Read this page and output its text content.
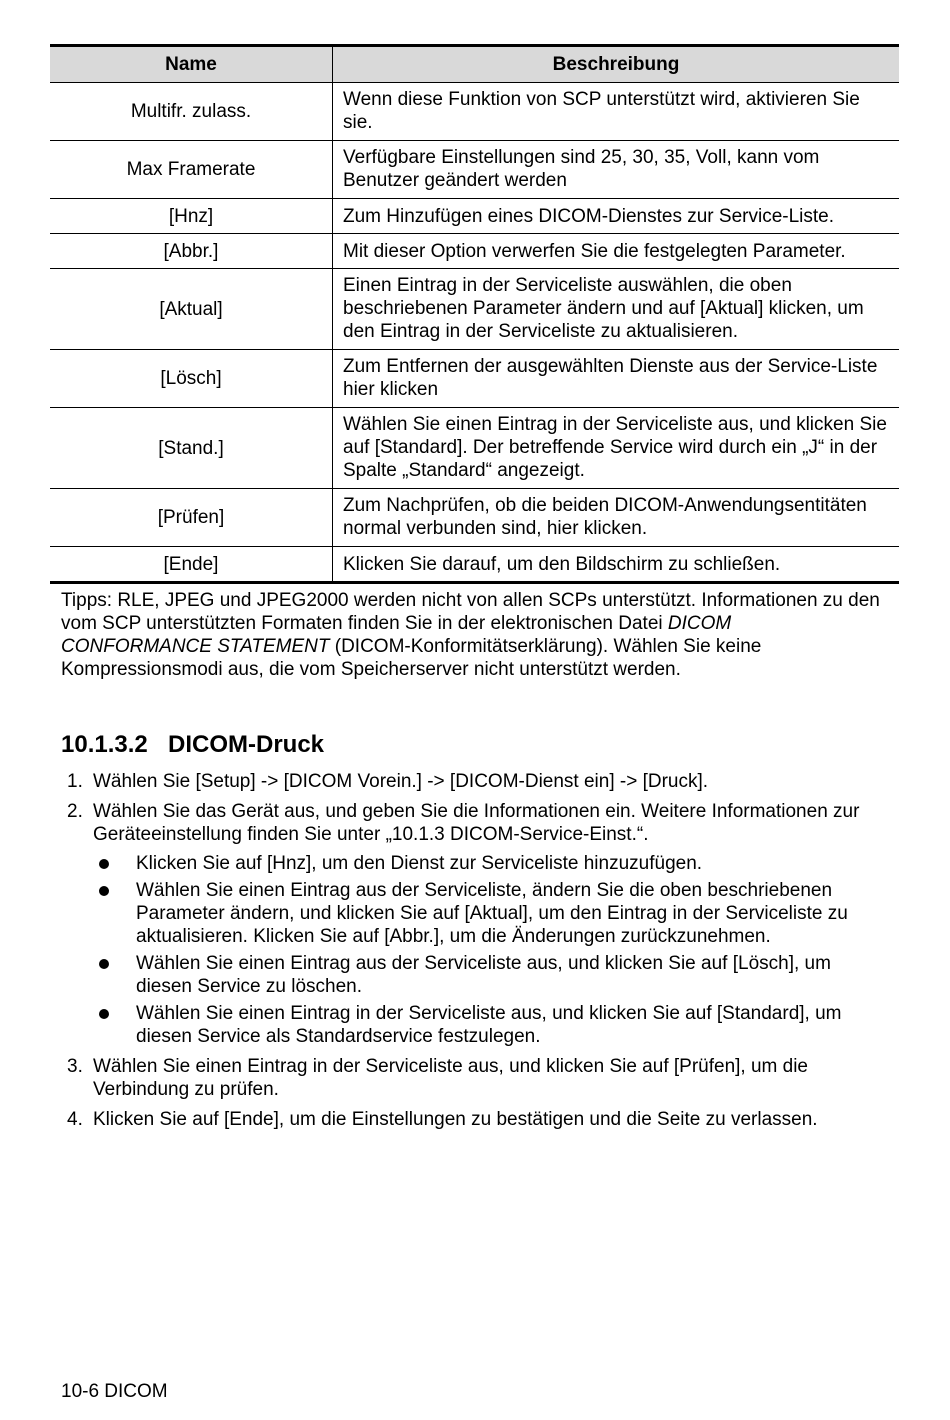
Name	Beschreibung
Multifr. zulass.	Wenn diese Funktion von SCP unterstützt wird, aktivieren Sie sie.
Max Framerate	Verfügbare Einstellungen sind 25, 30, 35, Voll, kann vom Benutzer geändert werden
[Hnz]	Zum Hinzufügen eines DICOM-Dienstes zur Service-Liste.
[Abbr.]	Mit dieser Option verwerfen Sie die festgelegten Parameter.
[Aktual]	Einen Eintrag in der Serviceliste auswählen, die oben beschriebenen Parameter ändern und auf [Aktual] klicken, um den Eintrag in der Serviceliste zu aktualisieren.
[Lösch]	Zum Entfernen der ausgewählten Dienste aus der Service-Liste hier klicken
[Stand.]	Wählen Sie einen Eintrag in der Serviceliste aus, und klicken Sie auf [Standard]. Der betreffende Service wird durch ein „J“ in der Spalte „Standard“ angezeigt.
[Prüfen]	Zum Nachprüfen, ob die beiden DICOM-Anwendungsentitäten normal verbunden sind, hier klicken.
[Ende]	Klicken Sie darauf, um den Bildschirm zu schließen.

Tipps: RLE, JPEG und JPEG2000 werden nicht von allen SCPs unterstützt. Informationen zu den vom SCP unterstützten Formaten finden Sie in der elektronischen Datei DICOM CONFORMANCE STATEMENT (DICOM-Konformitätserklärung). Wählen Sie keine Kompressionsmodi aus, die vom Speicherserver nicht unterstützt werden.

10.1.3.2 DICOM-Druck
1. Wählen Sie [Setup] -> [DICOM Vorein.] -> [DICOM-Dienst ein] -> [Druck].
2. Wählen Sie das Gerät aus, und geben Sie die Informationen ein. Weitere Informationen zur Geräteeinstellung finden Sie unter „10.1.3 DICOM-Service-Einst.“.
Klicken Sie auf [Hnz], um den Dienst zur Serviceliste hinzuzufügen.
Wählen Sie einen Eintrag aus der Serviceliste, ändern Sie die oben beschriebenen Parameter ändern, und klicken Sie auf [Aktual], um den Eintrag in der Serviceliste zu aktualisieren. Klicken Sie auf [Abbr.], um die Änderungen zurückzunehmen.
Wählen Sie einen Eintrag aus der Serviceliste aus, und klicken Sie auf [Lösch], um diesen Service zu löschen.
Wählen Sie einen Eintrag in der Serviceliste aus, und klicken Sie auf [Standard], um diesen Service als Standardservice festzulegen.
3. Wählen Sie einen Eintrag in der Serviceliste aus, und klicken Sie auf [Prüfen], um die Verbindung zu prüfen.
4. Klicken Sie auf [Ende], um die Einstellungen zu bestätigen und die Seite zu verlassen.
10-6 DICOM
